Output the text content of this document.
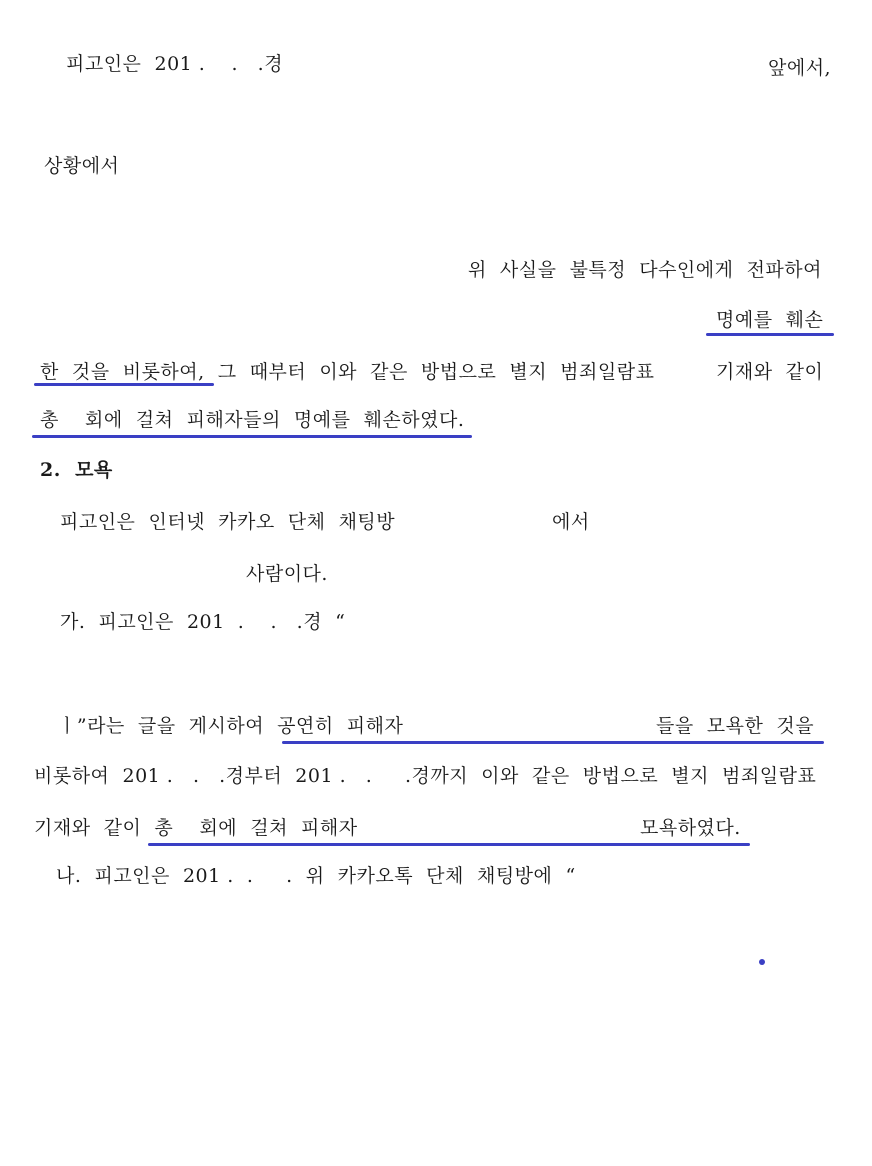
피고인은  201 .    .   .경	앞에서,
상황에서
위  사실을  불특정  다수인에게  전파하여
명예를  훼손
한  것을  비롯하여,  그  때부터  이와  같은  방법으로  별지  범죄일람표	기재와  같이
총    회에  걸쳐  피해자들의  명예를  훼손하였다.
2.  모욕
피고인은  인터넷  카카오  단체  채팅방	에서
사람이다.
가.  피고인은  201  .    .   .경  “
ㅣ”라는  글을  게시하여  공연히  피해자	들을  모욕한  것을
비롯하여  201 .   .   .경부터  201 .   .     .경까지  이와  같은  방법으로  별지  범죄일람표
기재와  같이  총    회에  걸쳐  피해자	모욕하였다.
나.  피고인은  201 .  .     .  위  카카오톡  단체  채팅방에  “
